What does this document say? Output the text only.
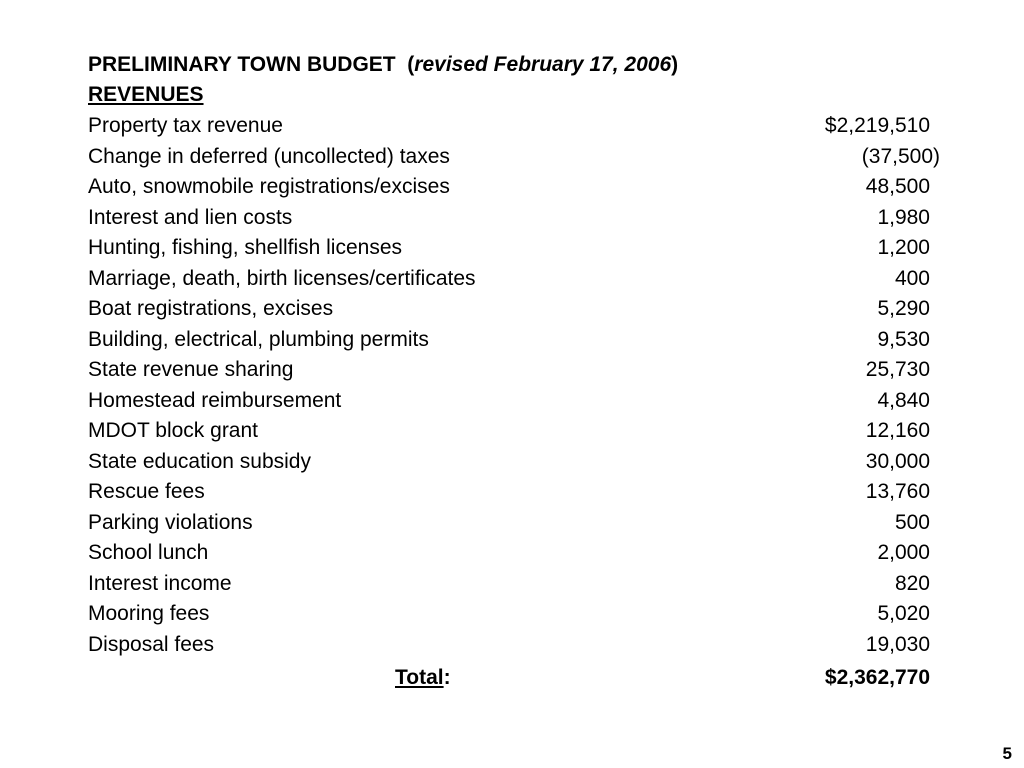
PRELIMINARY TOWN BUDGET (revised February 17, 2006)
REVENUES
Property tax revenue	$2,219,510
Change in deferred (uncollected) taxes	(37,500)
Auto, snowmobile registrations/excises	48,500
Interest and lien costs	1,980
Hunting, fishing, shellfish licenses	1,200
Marriage, death, birth licenses/certificates	400
Boat registrations, excises	5,290
Building, electrical, plumbing permits	9,530
State revenue sharing	25,730
Homestead reimbursement	4,840
MDOT block grant	12,160
State education subsidy	30,000
Rescue fees	13,760
Parking violations	500
School lunch	2,000
Interest income	820
Mooring fees	5,020
Disposal fees	19,030
Total:	$2,362,770
5
